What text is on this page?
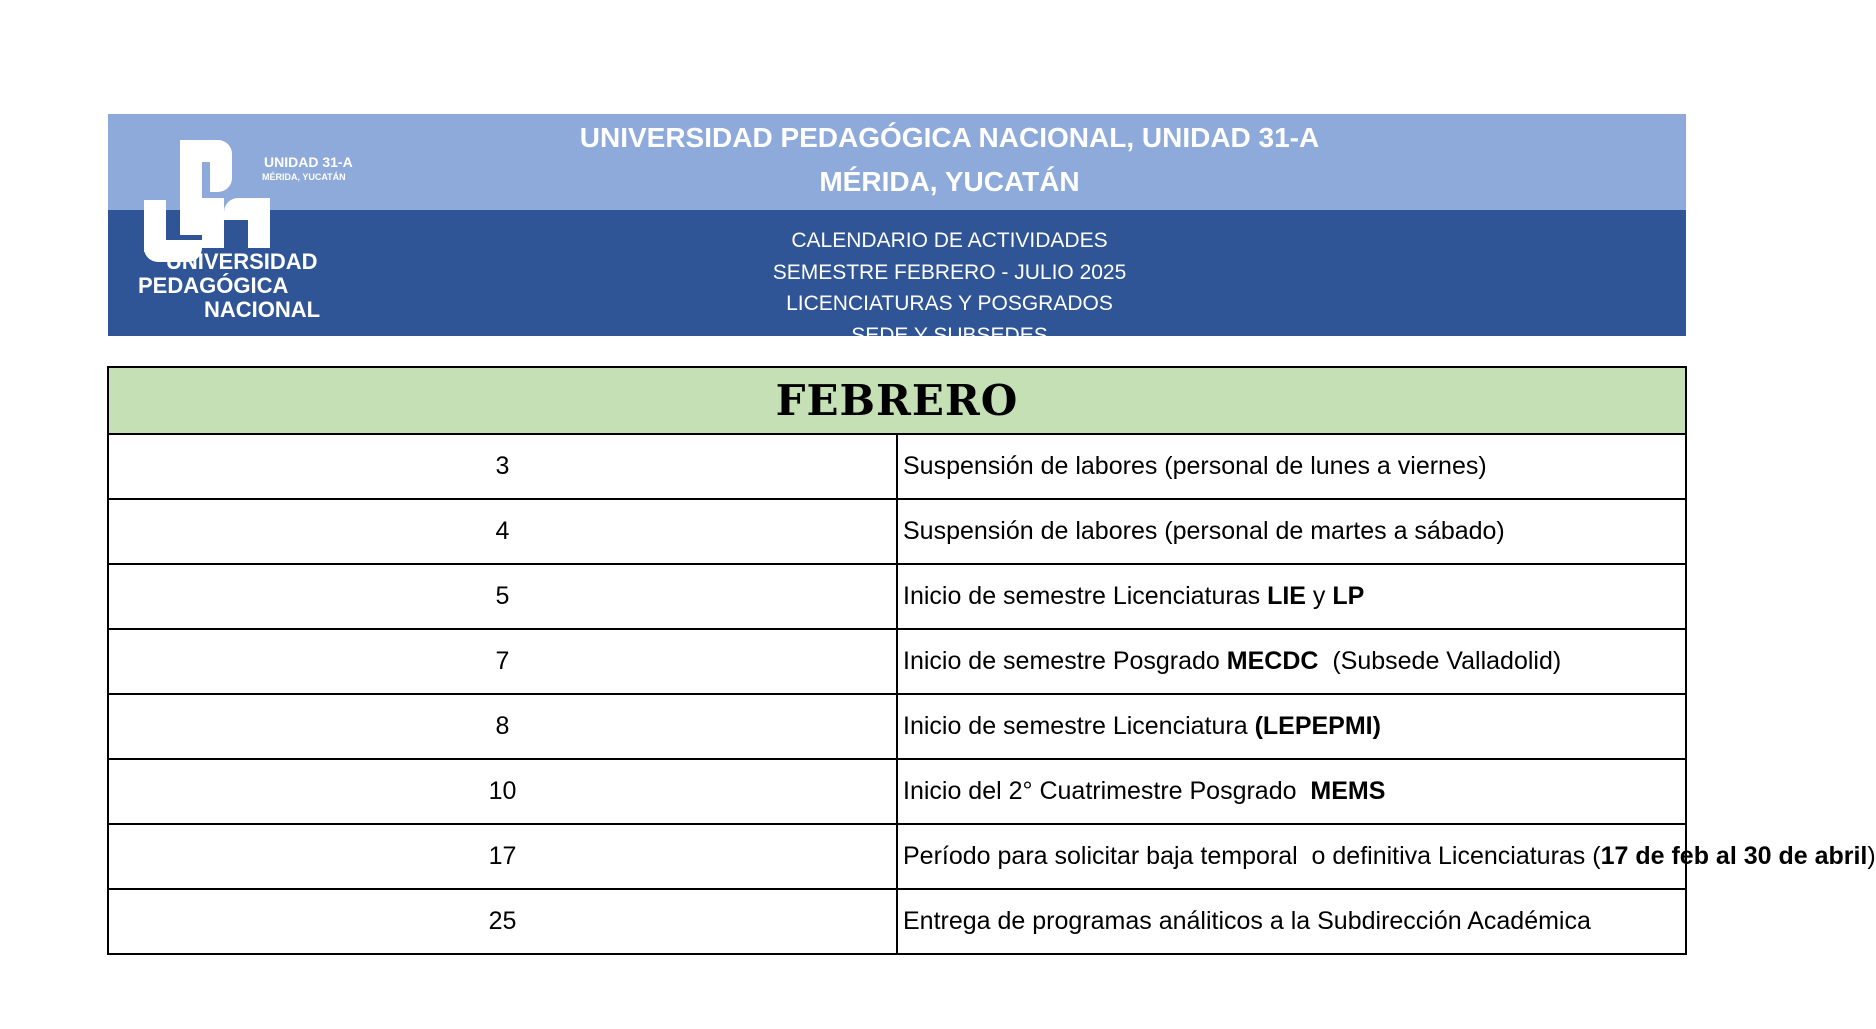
UNIDAD 31-A
MÉRIDA, YUCATÁN
UNIVERSIDAD
PEDAGÓGICA
NACIONAL
UNIVERSIDAD PEDAGÓGICA NACIONAL, UNIDAD 31-A
MÉRIDA, YUCATÁN
CALENDARIO DE ACTIVIDADES
SEMESTRE FEBRERO - JULIO 2025
LICENCIATURAS Y POSGRADOS
SEDE Y SUBSEDES
FEBRERO	
3	Suspensión de labores (personal de lunes a viernes)
4	Suspensión de labores (personal de martes a sábado)
5	Inicio de semestre Licenciaturas LIE y LP
7	Inicio de semestre Posgrado MECDC  (Subsede Valladolid)
8	Inicio de semestre Licenciatura (LEPEPMI)
10	Inicio del 2° Cuatrimestre Posgrado  MEMS
17	Período para solicitar baja temporal  o definitiva Licenciaturas (17 de feb al 30 de abril)
25	Entrega de programas análiticos a la Subdirección Académica
